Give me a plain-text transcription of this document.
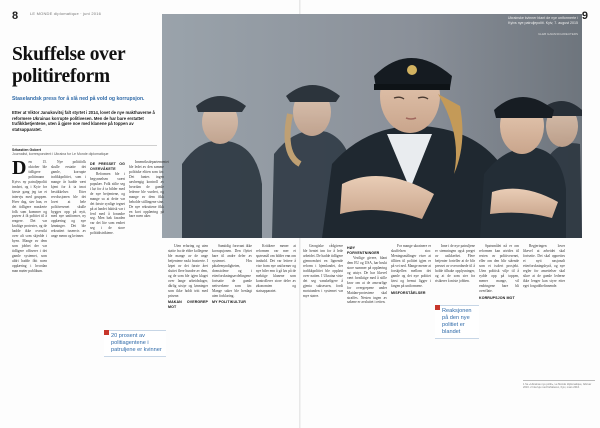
8	9
LE MONDE diplomatique · juni 2016
Ukrainske kvinner blant de nye uniformerte i Kyivs nye patruljepoliti. Kyiv, 7. august 2015
GLEB GARANICH/REUTERS
Skuffelse over politireform
Staselandsk press for å slå ned på vold og korrupsjon.
Etter at Viktor Janukovitsj falt styrtet i 2014, lovet de nye makthaverne å reformere Ukrainas korrupte politivesen. Men de har bare erstattet trafikkbetjentene, uten å gjøre noe med klanene på toppen av statsapparatet.
Sébastien Gobert
Journalist, korrespondent i Ukraina for Le Monde diplomatique

Den 15. oktober ble tidligere politimann Kyivs ny patruljepoliti innført, og i Kyiv for første gang jeg tar et intervju med gruppen. Hver dag, sier han, er det tidligere maskerte folk som kommer og prøver å få politiet til å reagere. Det var kraftige protester, og de hadde ikke oversikt over alt som skjedde i byen. Mange av dem som jobbet der var tidligere offiserer i det gamle systemet, som aldri hadde fått noen opplæring i hvordan man møter publikum.

Nye politifolk skulle erstatte det gamle, korrupte trafikkpolitiet, som i mange år hadde vært kjent for å ta imot bestikkelser. Etter revolusjonen ble det lovet at hele politivesenet skulle bygges opp på nytt, med nye uniformer, ny opplæring og nye lønninger. Det ble rekruttert tusenvis av unge menn og kvinner.

DE PRESSET OG OVERVÅKETE

Reformen ble i begynnelsen svært populær. Folk stilte seg i kø for å ta bilder med de nye betjentene, og mange sa at dette var det første synlige tegnet på at landet faktisk var i ferd med å forandre seg. Men bak fasaden var det lite som endret seg i de store politidistriktene.

Innenriksdepartementet ble ledet av den samme politiske eliten som før. Det fantes ingen uavhengig kontroll av hvordan de gamle lederne ble vurdert, og mange av dem fikk beholde stillingene sine. De nye rekruttene fikk en kort opplæring på bare noen uker.

Uten erfaring og uten støtte fra de eldre kollegene ble mange av de unge betjentene raskt frustrerte. I løpet av det første året sluttet flere hundre av dem, og de som ble igjen klaget over lange arbeidsdager, dårlig utstyr og lønninger som ikke holdt tritt med prisene.

MAKAN OVERGREP MOT

Samtidig forsvant ikke korrupsjonen. Den flyttet bare til andre deler av systemet. Hos påtalemyndigheten, domstolene og i etterforskningsavdelingene fortsatte de gamle nettverkene som før. Mange saker ble henlagt uten forklaring.

MY POLITIKULTUR

Kritikere mener at reformen var mer et spørsmål om bilder enn om innhold. Det var lettere å vise fram nye uniformer og nye biler enn å gå løs på de mektige klanene som kontrollerer store deler av økonomien og statsapparatet.

Georgiske rådgivere ble hentet inn for å lede arbeidet. De hadde tidligere gjennomført en lignende reform i hjemlandet, der trafikkpolitiet ble oppløst over natten. I Ukraina viste det seg vanskeligere å gjenta suksessen, fordi motstanden i systemet var mye større.

HØY FORVENTNINGER

Vestlige givere, blant dem EU og USA, har brukt store summer på opplæring og utstyr. De har likevel vært forsiktige med å stille krav om at de ansvarlige for overgrepene under Maidan-protestene skal straffes. Nesten ingen av sakene er avsluttet i retten.

For mange ukrainere er skuffelsen stor. Meningsmålinger viser at tilliten til politiet igjen er på vei ned. Mange mener at forskjellen mellom det gamle og det nye politiet først og fremst ligger i fargen på uniformene.

MISFORSTÅELSER

Inne i de nye patruljene er stemningen også preget av usikkerhet. Flere betjenter forteller at de blir presset av overordnede til å holde tilbake opplysninger, og at de som sier fra risikerer å miste jobben.

Spørsmålet nå er om reformen kan utvides til resten av politivesenet, eller om den blir stående som et isolert prosjekt. Uten politisk vilje til å rydde opp på toppen, mener mange, vil endringene bare bli overflate.

KORRUPSJON MOT

Regjeringen lover likevel at arbeidet skal fortsette. Det skal opprettes et nytt nasjonalt etterforskningsbyrå, og nye regler for ansettelser skal sikre at de gamle lederne ikke lenger kan styre etter eget forgodtbefinnende.

20 prosent av politiagentene i patruljene er kvinner
Reaksjonen på den nye politiet er blandet
1 Se «Ukrainas nye politi», Le Monde diplomatique, februar 2016. 2 Intervju med forfatteren, Kyiv, mars 2016.
